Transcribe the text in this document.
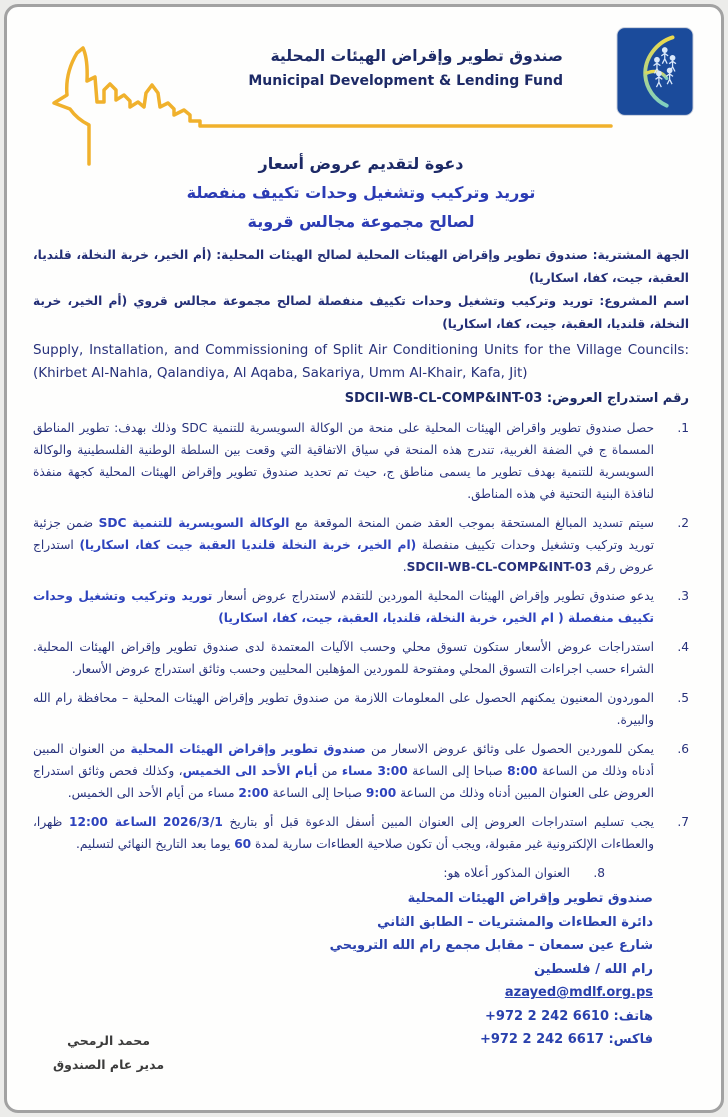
صندوق تطوير وإقراض الهيئات المحلية
Municipal Development & Lending Fund
دعوة لتقديم عروض أسعار
توريد وتركيب وتشغيل وحدات تكييف منفصلة
لصالح مجموعة مجالس قروية
الجهة المشترية: صندوق تطوير وإقراض الهيئات المحلية لصالح الهيئات المحلية: (أم الخير، خربة النخلة، قلنديا، العقبة، جيت، كفا، اسكاريا)
اسم المشروع: توريد وتركيب وتشغيل وحدات تكييف منفصلة لصالح مجموعة مجالس قروي (أم الخير، خربة النخلة، قلنديا، العقبة، جيت، كفا، اسكاريا)
Supply, Installation, and Commissioning of Split Air Conditioning Units for the Village Councils: (Khirbet Al-Nahla, Qalandiya, Al Aqaba, Sakariya, Umm Al-Khair, Kafa, Jit)
رقم استدراج العروض: SDCII-WB-CL-COMP&INT-03
1.
حصل صندوق تطوير واقراض الهيئات المحلية على منحة من الوكالة السويسرية للتنمية SDC وذلك بهدف: تطوير المناطق المسماة ج في الضفة الغربية، تندرج هذه المنحة في سياق الاتفاقية التي وقعت بين السلطة الوطنية الفلسطينية والوكالة السويسرية للتنمية بهدف تطوير ما يسمى مناطق ج، حيث تم تحديد صندوق تطوير وإقراض الهيئات المحلية كجهة منفذة لنافذة البنية التحتية في هذه المناطق.
2.
سيتم تسديد المبالغ المستحقة بموجب العقد ضمن المنحة الموقعة مع الوكالة السويسرية للتنمية SDC ضمن جزئية توريد وتركيب وتشغيل وحدات تكييف منفصلة (ام الخير، خربة النخلة قلنديا العقبة جيت كفا، اسكاريا) استدراج عروض رقم SDCII-WB-CL-COMP&INT-03.
3.
يدعو صندوق تطوير وإقراض الهيئات المحلية الموردين للتقدم لاستدراج عروض أسعار توريد وتركيب وتشغيل وحدات تكييف منفصلة ( ام الخير، خربة النخلة، قلنديا، العقبة، جيت، كفا، اسكاريا)
4.
استدراجات عروض الأسعار ستكون تسوق محلي وحسب الآليات المعتمدة لدى صندوق تطوير وإقراض الهيئات المحلية. الشراء حسب اجراءات التسوق المحلي ومفتوحة للموردين المؤهلين المحليين وحسب وثائق استدراج عروض الأسعار.
5.
الموردون المعنيون يمكنهم الحصول على المعلومات اللازمة من صندوق تطوير وإقراض الهيئات المحلية – محافظة رام الله والبيرة.
6.
يمكن للموردين الحصول على وثائق عروض الاسعار من صندوق تطوير وإقراض الهيئات المحلية من العنوان المبين أدناه وذلك من الساعة 8:00 صباحا إلى الساعة 3:00 مساء من أيام الأحد الى الخميس، وكذلك فحص وثائق استدراج العروض على العنوان المبين أدناه وذلك من الساعة 9:00 صباحا إلى الساعة 2:00 مساء من أيام الأحد الى الخميس.
7.
يجب تسليم استدراجات العروض إلى العنوان المبين أسفل الدعوة قبل أو بتاريخ 2026/3/1 الساعة 12:00 ظهرا، والعطاءات الإلكترونية غير مقبولة، ويجب أن تكون صلاحية العطاءات سارية لمدة 60 يوما بعد التاريخ النهائي لتسليم.
8.
العنوان المذكور أعلاه هو:
صندوق تطوير وإقراض الهيئات المحلية
دائرة العطاءات والمشتريات – الطابق الثاني
شارع عين سمعان – مقابل مجمع رام الله الترويحي
رام الله / فلسطين
azayed@mdlf.org.ps
هاتف: +972 2 242 6610
فاكس: +972 2 242 6617
محمد الرمحي
مدير عام الصندوق
